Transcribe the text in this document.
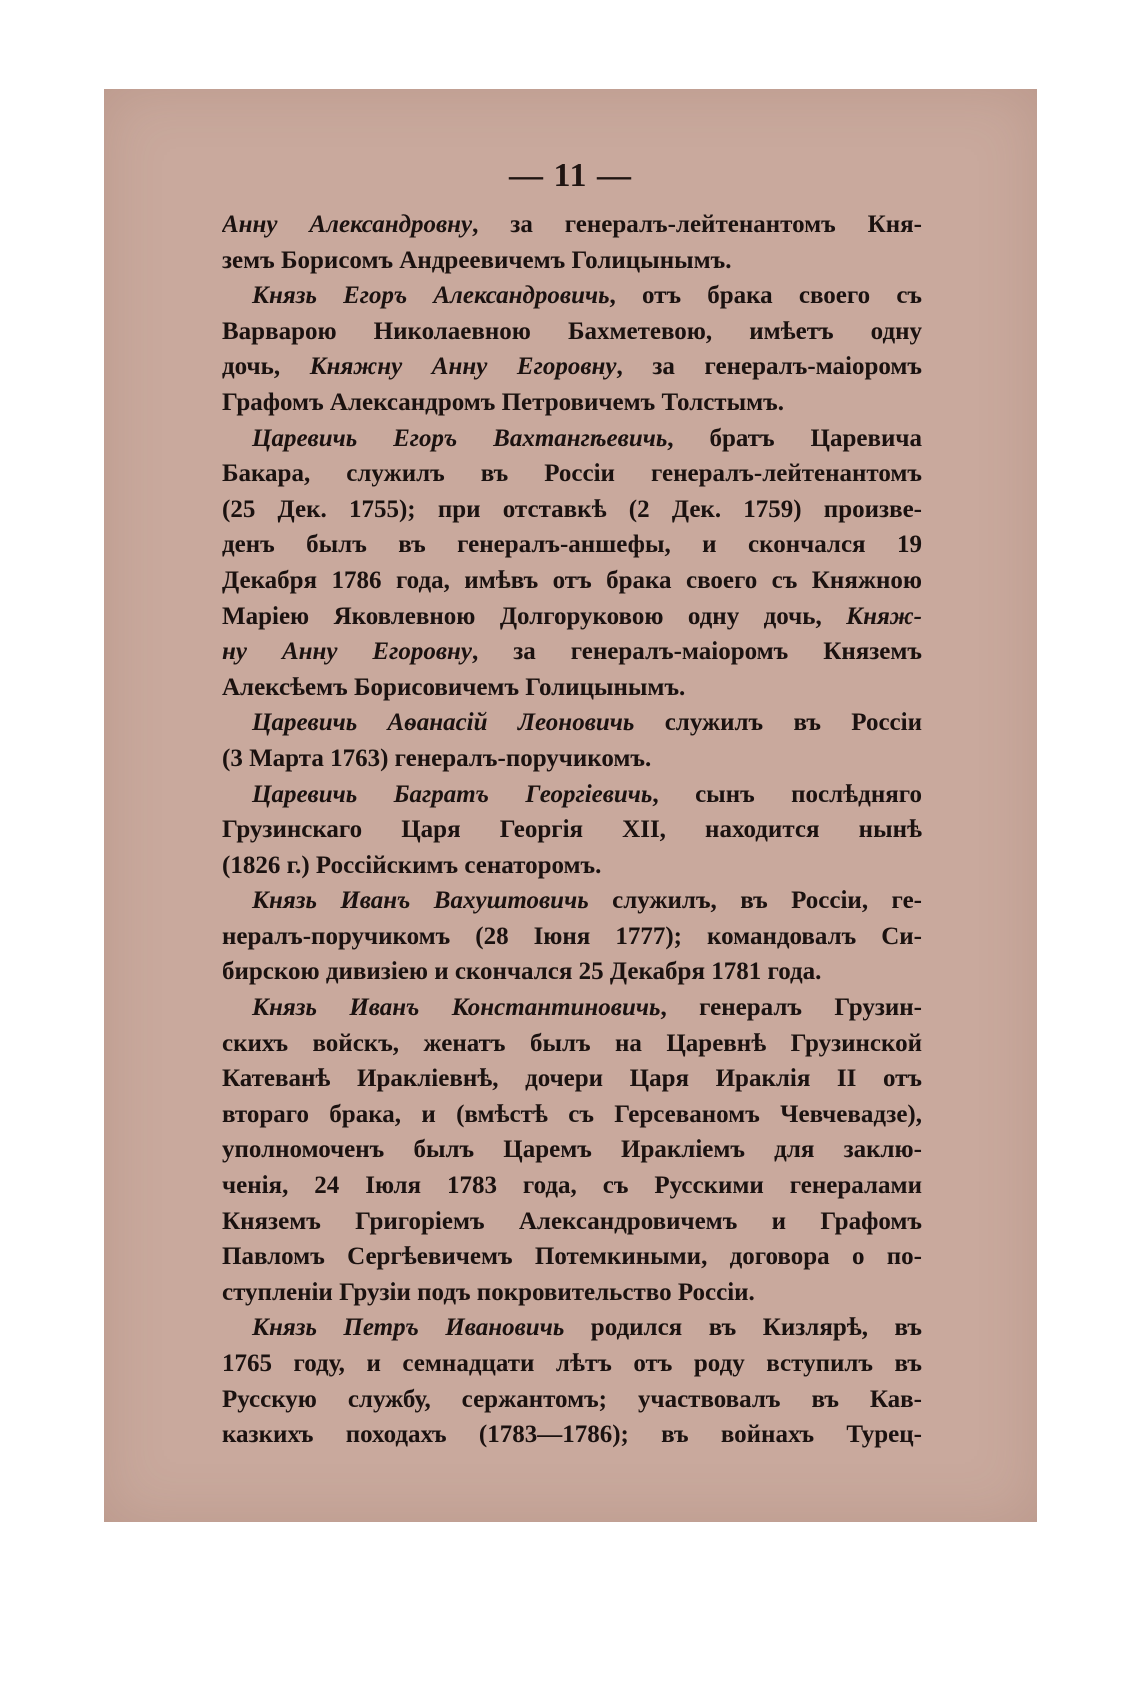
— 11 —
Анну Александровну, за генералъ-лейтенантомъ Кня-
земъ Борисомъ Андреевичемъ Голицынымъ.
Князь Егоръ Александровичь, отъ брака своего съ
Варварою Николаевною Бахметевою, имѣетъ одну
дочь, Княжну Анну Егоровну, за генералъ-маіоромъ
Графомъ Александромъ Петровичемъ Толстымъ.
Царевичь Егоръ Вахтангѣевичь, братъ Царевича
Бакара, служилъ въ Россіи генералъ-лейтенантомъ
(25 Дек. 1755); при отставкѣ (2 Дек. 1759) произве-
денъ былъ въ генералъ-аншефы, и скончался 19
Декабря 1786 года, имѣвъ отъ брака своего съ Княжною
Маріею Яковлевною Долгоруковою одну дочь, Княж-
ну Анну Егоровну, за генералъ-маіоромъ Княземъ
Алексѣемъ Борисовичемъ Голицынымъ.
Царевичь Аѳанасій Леоновичь служилъ въ Россіи
(3 Марта 1763) генералъ-поручикомъ.
Царевичь Багратъ Георгіевичь, сынъ послѣдняго
Грузинскаго Царя Георгія XII, находится нынѣ
(1826 г.) Россійскимъ сенаторомъ.
Князь Иванъ Вахуштовичь служилъ, въ Россіи, ге-
нералъ-поручикомъ (28 Іюня 1777); командовалъ Си-
бирскою дивизіею и скончался 25 Декабря 1781 года.
Князь Иванъ Константиновичь, генералъ Грузин-
скихъ войскъ, женатъ былъ на Царевнѣ Грузинской
Катеванѣ Ираклiевнѣ, дочери Царя Ираклія II отъ
втораго брака, и (вмѣстѣ съ Герсеваномъ Чевчевадзе),
уполномоченъ былъ Царемъ Иракліемъ для заклю-
ченія, 24 Іюля 1783 года, съ Русскими генералами
Княземъ Григоріемъ Александровичемъ и Графомъ
Павломъ Сергѣевичемъ Потемкиными, договора о по-
ступленіи Грузіи подъ покровительство Россіи.
Князь Петръ Ивановичь родился въ Кизлярѣ, въ
1765 году, и семнадцати лѣтъ отъ роду вступилъ въ
Русскую службу, сержантомъ; участвовалъ въ Кав-
казкихъ походахъ (1783—1786); въ войнахъ Турец-
